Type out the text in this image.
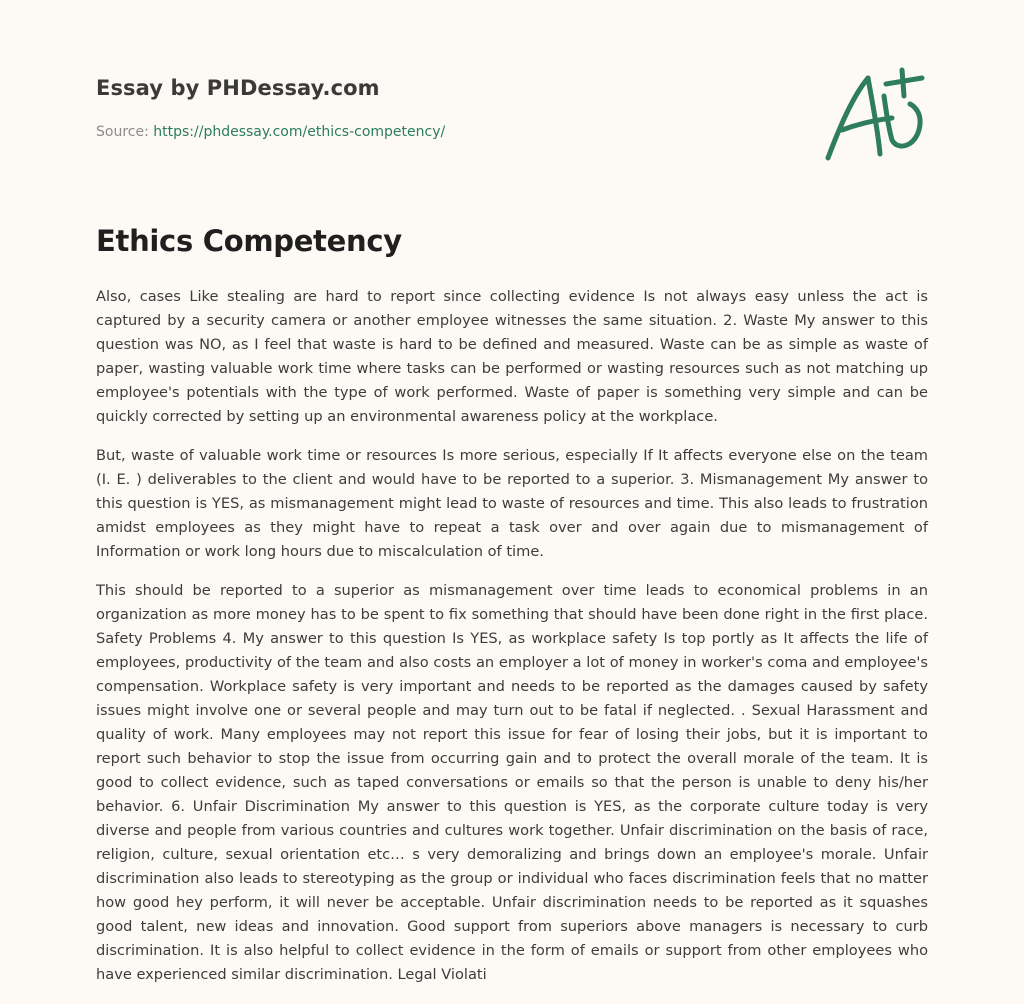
Essay by PHDessay.com
Source: https://phdessay.com/ethics-competency/
Ethics Competency

Also, cases Like stealing are hard to report since collecting evidence Is not always easy unless the act is captured by a security camera or another employee witnesses the same situation. 2. Waste My answer to this question was NO, as I feel that waste is hard to be defined and measured. Waste can be as simple as waste of paper, wasting valuable work time where tasks can be performed or wasting resources such as not matching up employee's potentials with the type of work performed. Waste of paper is something very simple and can be quickly corrected by setting up an environmental awareness policy at the workplace.

But, waste of valuable work time or resources Is more serious, especially If It affects everyone else on the team (I. E. ) deliverables to the client and would have to be reported to a superior. 3. Mismanagement My answer to this question is YES, as mismanagement might lead to waste of resources and time. This also leads to frustration amidst employees as they might have to repeat a task over and over again due to mismanagement of Information or work long hours due to miscalculation of time.

This should be reported to a superior as mismanagement over time leads to economical problems in an organization as more money has to be spent to fix something that should have been done right in the first place. Safety Problems 4. My answer to this question Is YES, as workplace safety Is top portly as It affects the life of employees, productivity of the team and also costs an employer a lot of money in worker's coma and employee's compensation. Workplace safety is very important and needs to be reported as the damages caused by safety issues might involve one or several people and may turn out to be fatal if neglected. . Sexual Harassment and quality of work. Many employees may not report this issue for fear of losing their jobs, but it is important to report such behavior to stop the issue from occurring gain and to protect the overall morale of the team. It is good to collect evidence, such as taped conversations or emails so that the person is unable to deny his/her behavior. 6. Unfair Discrimination My answer to this question is YES, as the corporate culture today is very diverse and people from various countries and cultures work together. Unfair discrimination on the basis of race, religion, culture, sexual orientation etc… s very demoralizing and brings down an employee's morale. Unfair discrimination also leads to stereotyping as the group or individual who faces discrimination feels that no matter how good hey perform, it will never be acceptable. Unfair discrimination needs to be reported as it squashes good talent, new ideas and innovation. Good support from superiors above managers is necessary to curb discrimination. It is also helpful to collect evidence in the form of emails or support from other employees who have experienced similar discrimination. Legal Violati
